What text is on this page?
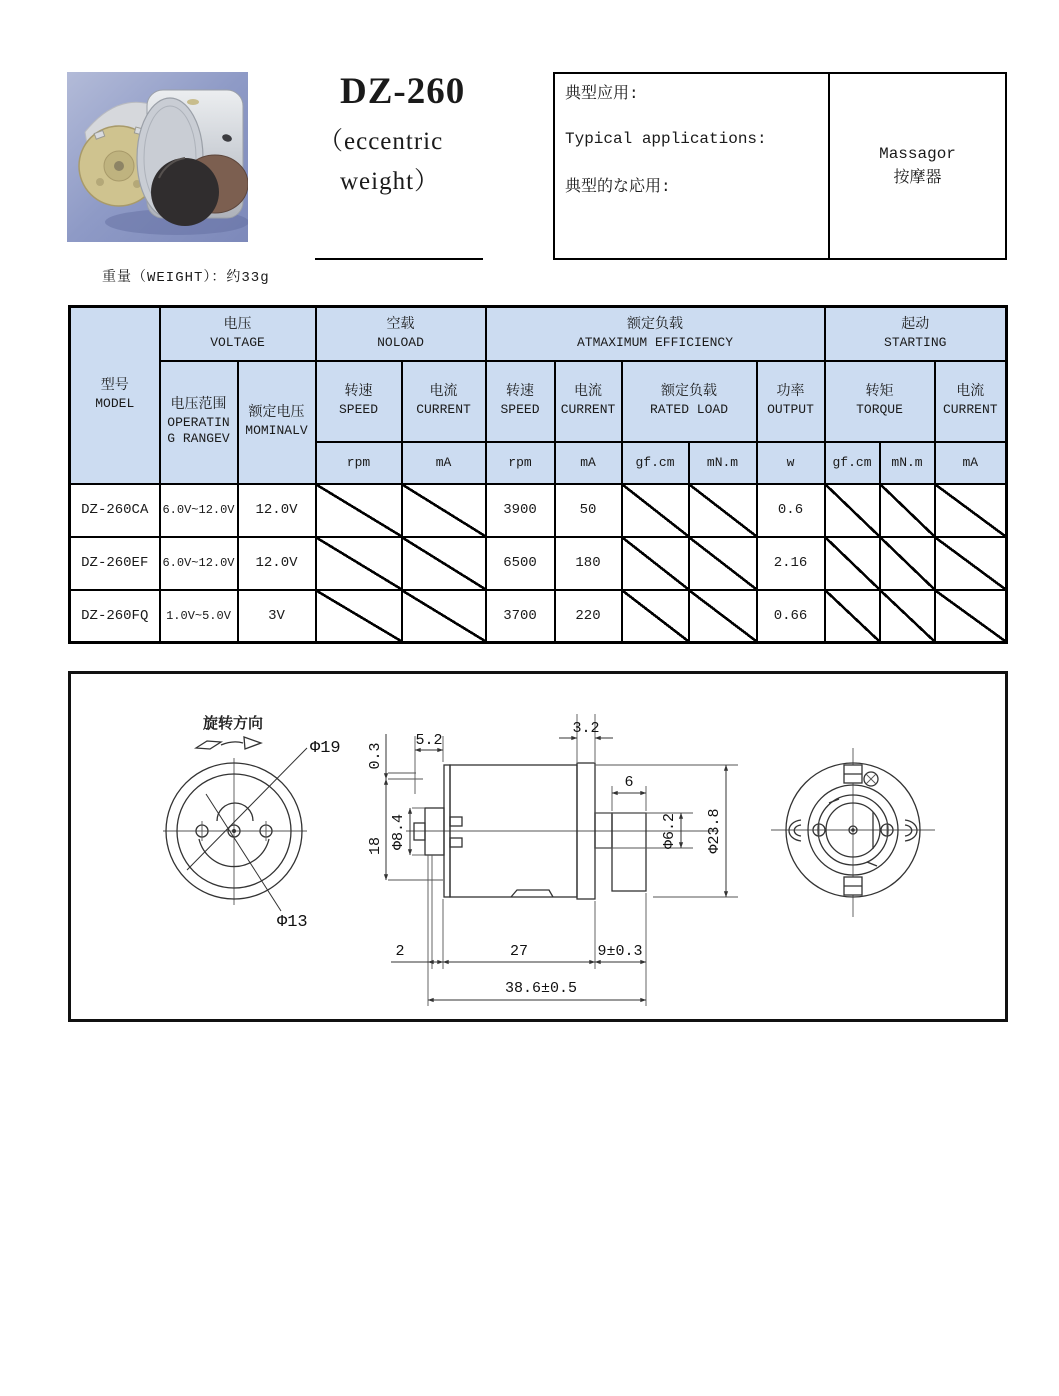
DZ-260
（eccentric
weight）
典型应用:
Typical applications:
典型的な応用:
Massagor
按摩器
重量（WEIGHT）：约33g
型号
MODEL

电压
VOLTAGE

空载
NOLOAD

额定负载
ATMAXIMUM EFFICIENCY

起动
STARTING

电压范围
OPERATING RANGEV

额定电压
MOMINALV

转速
SPEED

电流
CURRENT

转速
SPEED

电流
CURRENT

额定负载
RATED LOAD

功率
OUTPUT

转矩
TORQUE

电流
CURRENT

			rpm	mA	rpm	mA	gf.cm	mN.m	w	gf.cm	mN.m	mA
DZ-260CA	6.0V~12.0V	12.0V			3900	50			0.6			
DZ-260EF	6.0V~12.0V	12.0V			6500	180			2.16			
DZ-260FQ	1.0V~5.0V	3V			3700	220			0.66			
旋转方向
Φ19
Φ13
5.2
0.3
18 Φ8.4
3.2
6
Φ6.2 Φ23.8
2	27	9±0.3
38.6±0.5
